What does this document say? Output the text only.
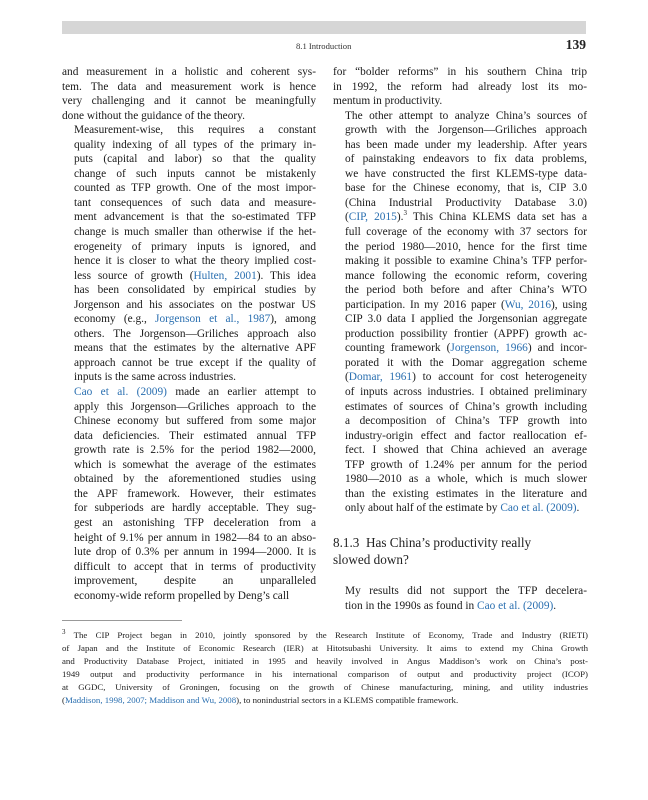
8.1 Introduction	139

and measurement in a holistic and coherent sys-
tem. The data and measurement work is hence
very challenging and it cannot be meaningfully
done without the guidance of the theory.

Measurement-wise, this requires a constant
quality indexing of all types of the primary in-
puts (capital and labor) so that the quality
change of such inputs cannot be mistakenly
counted as TFP growth. One of the most impor-
tant consequences of such data and measure-
ment advancement is that the so-estimated TFP
change is much smaller than otherwise if the het-
erogeneity of primary inputs is ignored, and
hence it is closer to what the theory implied cost-
less source of growth (Hulten, 2001). This idea
has been consolidated by empirical studies by
Jorgenson and his associates on the postwar US
economy (e.g., Jorgenson et al., 1987), among
others. The Jorgenson—Griliches approach also
means that the estimates by the alternative APF
approach cannot be true except if the quality of
inputs is the same across industries.

Cao et al. (2009) made an earlier attempt to
apply this Jorgenson—Griliches approach to the
Chinese economy but suffered from some major
data deficiencies. Their estimated annual TFP
growth rate is 2.5% for the period 1982—2000,
which is somewhat the average of the estimates
obtained by the aforementioned studies using
the APF framework. However, their estimates
for subperiods are hardly acceptable. They sug-
gest an astonishing TFP deceleration from a
height of 9.1% per annum in 1982—84 to an abso-
lute drop of 0.3% per annum in 1994—2000. It is
difficult to accept that in terms of productivity
improvement, despite an unparalleled
economy-wide reform propelled by Deng’s call

for “bolder reforms” in his southern China trip
in 1992, the reform had already lost its mo-
mentum in productivity.

The other attempt to analyze China’s sources of
growth with the Jorgenson—Griliches approach
has been made under my leadership. After years
of painstaking endeavors to fix data problems,
we have constructed the first KLEMS-type data-
base for the Chinese economy, that is, CIP 3.0
(China Industrial Productivity Database 3.0)
(CIP, 2015).$^3$ This China KLEMS data set has a
full coverage of the economy with 37 sectors for
the period 1980—2010, hence for the first time
making it possible to examine China’s TFP perfor-
mance following the economic reform, covering
the period both before and after China’s WTO
participation. In my 2016 paper (Wu, 2016), using
CIP 3.0 data I applied the Jorgensonian aggregate
production possibility frontier (APPF) growth ac-
counting framework (Jorgenson, 1966) and incor-
porated it with the Domar aggregation scheme
(Domar, 1961) to account for cost heterogeneity
of inputs across industries. I obtained preliminary
estimates of sources of China’s growth including
a decomposition of China’s TFP growth into
industry-origin effect and factor reallocation ef-
fect. I showed that China achieved an average
TFP growth of 1.24% per annum for the period
1980—2010 as a whole, which is much slower
than the existing estimates in the literature and
only about half of the estimate by Cao et al. (2009).

8.1.3 Has China’s productivity really
slowed down?

My results did not support the TFP decelera-
tion in the 1990s as found in Cao et al. (2009).

$^3$ The CIP Project began in 2010, jointly sponsored by the Research Institute of Economy, Trade and Industry (RIETI)
of Japan and the Institute of Economic Research (IER) at Hitotsubashi University. It aims to extend my China Growth
and Productivity Database Project, initiated in 1995 and heavily involved in Angus Maddison’s work on China’s post-
1949 output and productivity performance in his international comparison of output and productivity project (ICOP)
at GGDC, University of Groningen, focusing on the growth of Chinese manufacturing, mining, and utility industries
(Maddison, 1998, 2007; Maddison and Wu, 2008), to nonindustrial sectors in a KLEMS compatible framework.
